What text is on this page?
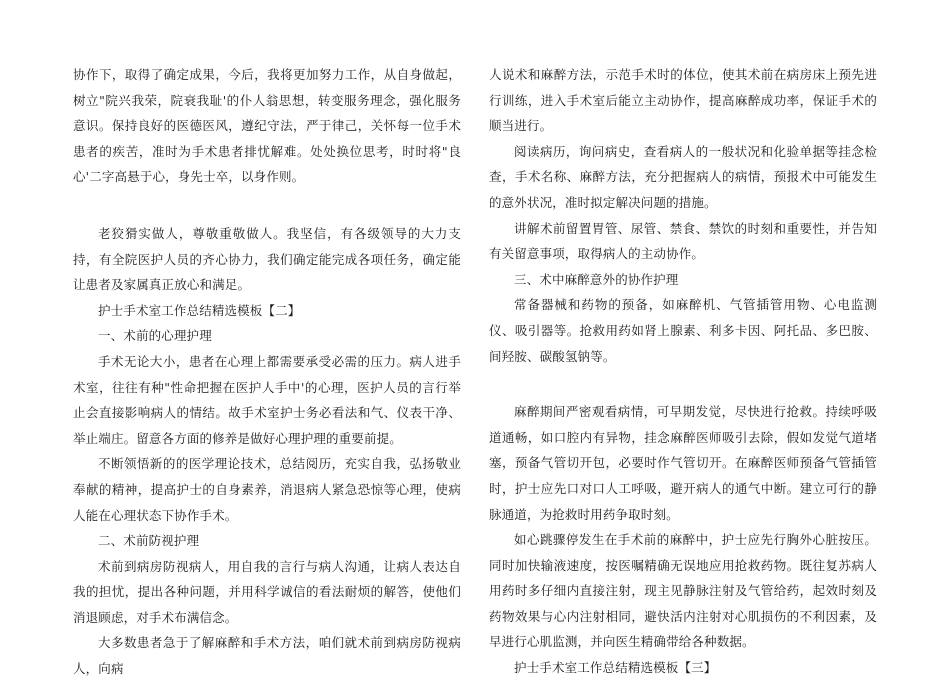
协作下，取得了确定成果，今后，我将更加努力工作，从自身做起，树立"院兴我荣，院衰我耻'的仆人翁思想，转变服务理念，强化服务意识。保持良好的医德医风，遵纪守法，严于律己，关怀每一位手术患者的疾苦，准时为手术患者排忧解难。处处换位思考，时时将"良心'二字高悬于心，身先士卒，以身作则。

老狡猾实做人，尊敬重敬做人。我坚信，有各级领导的大力支持，有全院医护人员的齐心协力，我们确定能完成各项任务，确定能让患者及家属真正放心和满足。

护士手术室工作总结精选模板【二】

一、术前的心理护理

手术无论大小，患者在心理上都需要承受必需的压力。病人进手术室，往往有种"性命把握在医护人手中'的心理，医护人员的言行举止会直接影响病人的情结。故手术室护士务必看法和气、仪表干净、举止端庄。留意各方面的修养是做好心理护理的重要前提。

不断领悟新的的医学理论技术，总结阅历，充实自我，弘扬敬业奉献的精神，提高护士的自身素养，消退病人紧急恐惊等心理，使病人能在心理状态下协作手术。

二、术前防视护理

术前到病房防视病人，用自我的言行与病人沟通，让病人表达自我的担忧，提出各种问题，并用科学诚信的看法耐烦的解答，使他们消退顾虑，对手术布满信念。

大多数患者急于了解麻醉和手术方法，咱们就术前到病房防视病人，向病

人说术和麻醉方法，示范手术时的体位，使其术前在病房床上预先进行训练，进入手术室后能立主动协作，提高麻醉成功率，保证手术的顺当进行。

阅读病历，询问病史，查看病人的一般状况和化验单据等挂念检查，手术名称、麻醉方法，充分把握病人的病情，预报术中可能发生的意外状况，准时拟定解决问题的措施。

讲解术前留置胃管、尿管、禁食、禁饮的时刻和重要性，并告知有关留意事项，取得病人的主动协作。

三、术中麻醉意外的协作护理

常备器械和药物的预备，如麻醉机、气管插管用物、心电监测仪、吸引器等。抢救用药如肾上腺素、利多卡因、阿托品、多巴胺、间羟胺、碳酸氢钠等。

麻醉期间严密观看病情，可早期发觉，尽快进行抢救。持续呼吸道通畅，如口腔内有异物，挂念麻醉医师吸引去除，假如发觉气道堵塞，预备气管切开包，必要时作气管切开。在麻醉医师预备气管插管时，护士应先口对口人工呼吸，避开病人的通气中断。建立可行的静脉通道，为抢救时用药争取时刻。

如心跳骤停发生在手术前的麻醉中，护士应先行胸外心脏按压。同时加快输液速度，按医嘱精确无误地应用抢救药物。既往复苏病人用药时多仔细内直接注射，现主见静脉注射及气管给药，起效时刻及药物效果与心内注射相同，避快活内注射对心肌损伤的不利因素，及早进行心肌监测，并向医生精确带给各种数据。

护士手术室工作总结精选模板【三】
